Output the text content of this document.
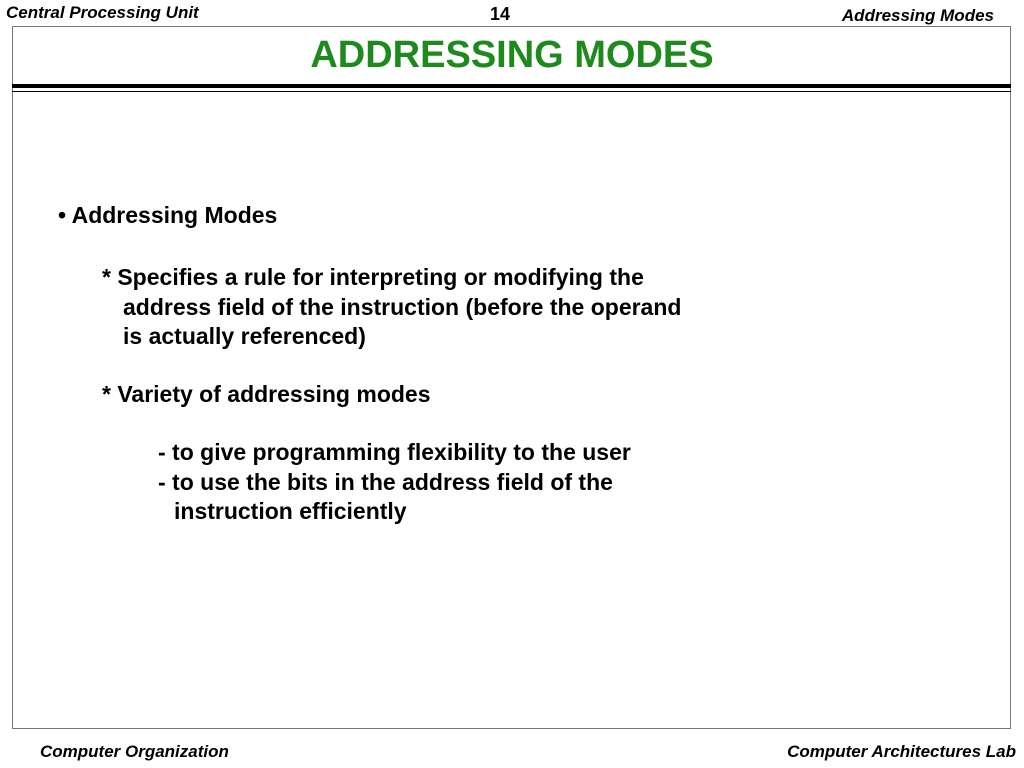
Central Processing Unit	14	Addressing Modes
ADDRESSING MODES
• Addressing Modes
* Specifies a rule for interpreting or modifying the
address field of the instruction (before the operand
is actually referenced)
* Variety of addressing modes
- to give programming flexibility to the user
- to use the bits in the address field of the
instruction efficiently
Computer Organization	Computer Architectures Lab
